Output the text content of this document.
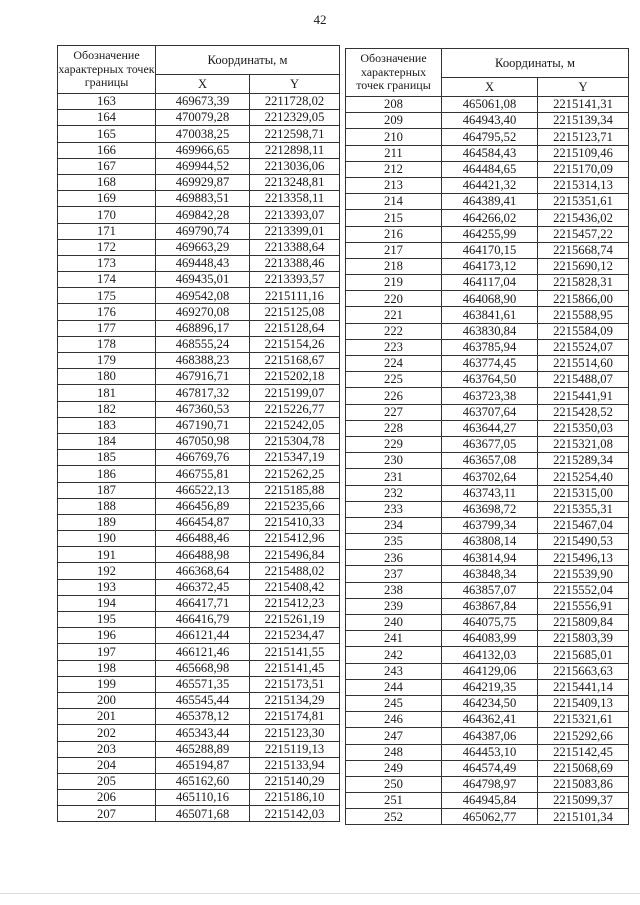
42
Обозначение характерных точек границы	Координаты, м	
	X	Y
163	469673,39	2211728,02
164	470079,28	2212329,05
165	470038,25	2212598,71
166	469966,65	2212898,11
167	469944,52	2213036,06
168	469929,87	2213248,81
169	469883,51	2213358,11
170	469842,28	2213393,07
171	469790,74	2213399,01
172	469663,29	2213388,64
173	469448,43	2213388,46
174	469435,01	2213393,57
175	469542,08	2215111,16
176	469270,08	2215125,08
177	468896,17	2215128,64
178	468555,24	2215154,26
179	468388,23	2215168,67
180	467916,71	2215202,18
181	467817,32	2215199,07
182	467360,53	2215226,77
183	467190,71	2215242,05
184	467050,98	2215304,78
185	466769,76	2215347,19
186	466755,81	2215262,25
187	466522,13	2215185,88
188	466456,89	2215235,66
189	466454,87	2215410,33
190	466488,46	2215412,96
191	466488,98	2215496,84
192	466368,64	2215488,02
193	466372,45	2215408,42
194	466417,71	2215412,23
195	466416,79	2215261,19
196	466121,44	2215234,47
197	466121,46	2215141,55
198	465668,98	2215141,45
199	465571,35	2215173,51
200	465545,44	2215134,29
201	465378,12	2215174,81
202	465343,44	2215123,30
203	465288,89	2215119,13
204	465194,87	2215133,94
205	465162,60	2215140,29
206	465110,16	2215186,10
207	465071,68	2215142,03
Обозначение характерных точек границы	Координаты, м	
	X	Y
208	465061,08	2215141,31
209	464943,40	2215139,34
210	464795,52	2215123,71
211	464584,43	2215109,46
212	464484,65	2215170,09
213	464421,32	2215314,13
214	464389,41	2215351,61
215	464266,02	2215436,02
216	464255,99	2215457,22
217	464170,15	2215668,74
218	464173,12	2215690,12
219	464117,04	2215828,31
220	464068,90	2215866,00
221	463841,61	2215588,95
222	463830,84	2215584,09
223	463785,94	2215524,07
224	463774,45	2215514,60
225	463764,50	2215488,07
226	463723,38	2215441,91
227	463707,64	2215428,52
228	463644,27	2215350,03
229	463677,05	2215321,08
230	463657,08	2215289,34
231	463702,64	2215254,40
232	463743,11	2215315,00
233	463698,72	2215355,31
234	463799,34	2215467,04
235	463808,14	2215490,53
236	463814,94	2215496,13
237	463848,34	2215539,90
238	463857,07	2215552,04
239	463867,84	2215556,91
240	464075,75	2215809,84
241	464083,99	2215803,39
242	464132,03	2215685,01
243	464129,06	2215663,63
244	464219,35	2215441,14
245	464234,50	2215409,13
246	464362,41	2215321,61
247	464387,06	2215292,66
248	464453,10	2215142,45
249	464574,49	2215068,69
250	464798,97	2215083,86
251	464945,84	2215099,37
252	465062,77	2215101,34
